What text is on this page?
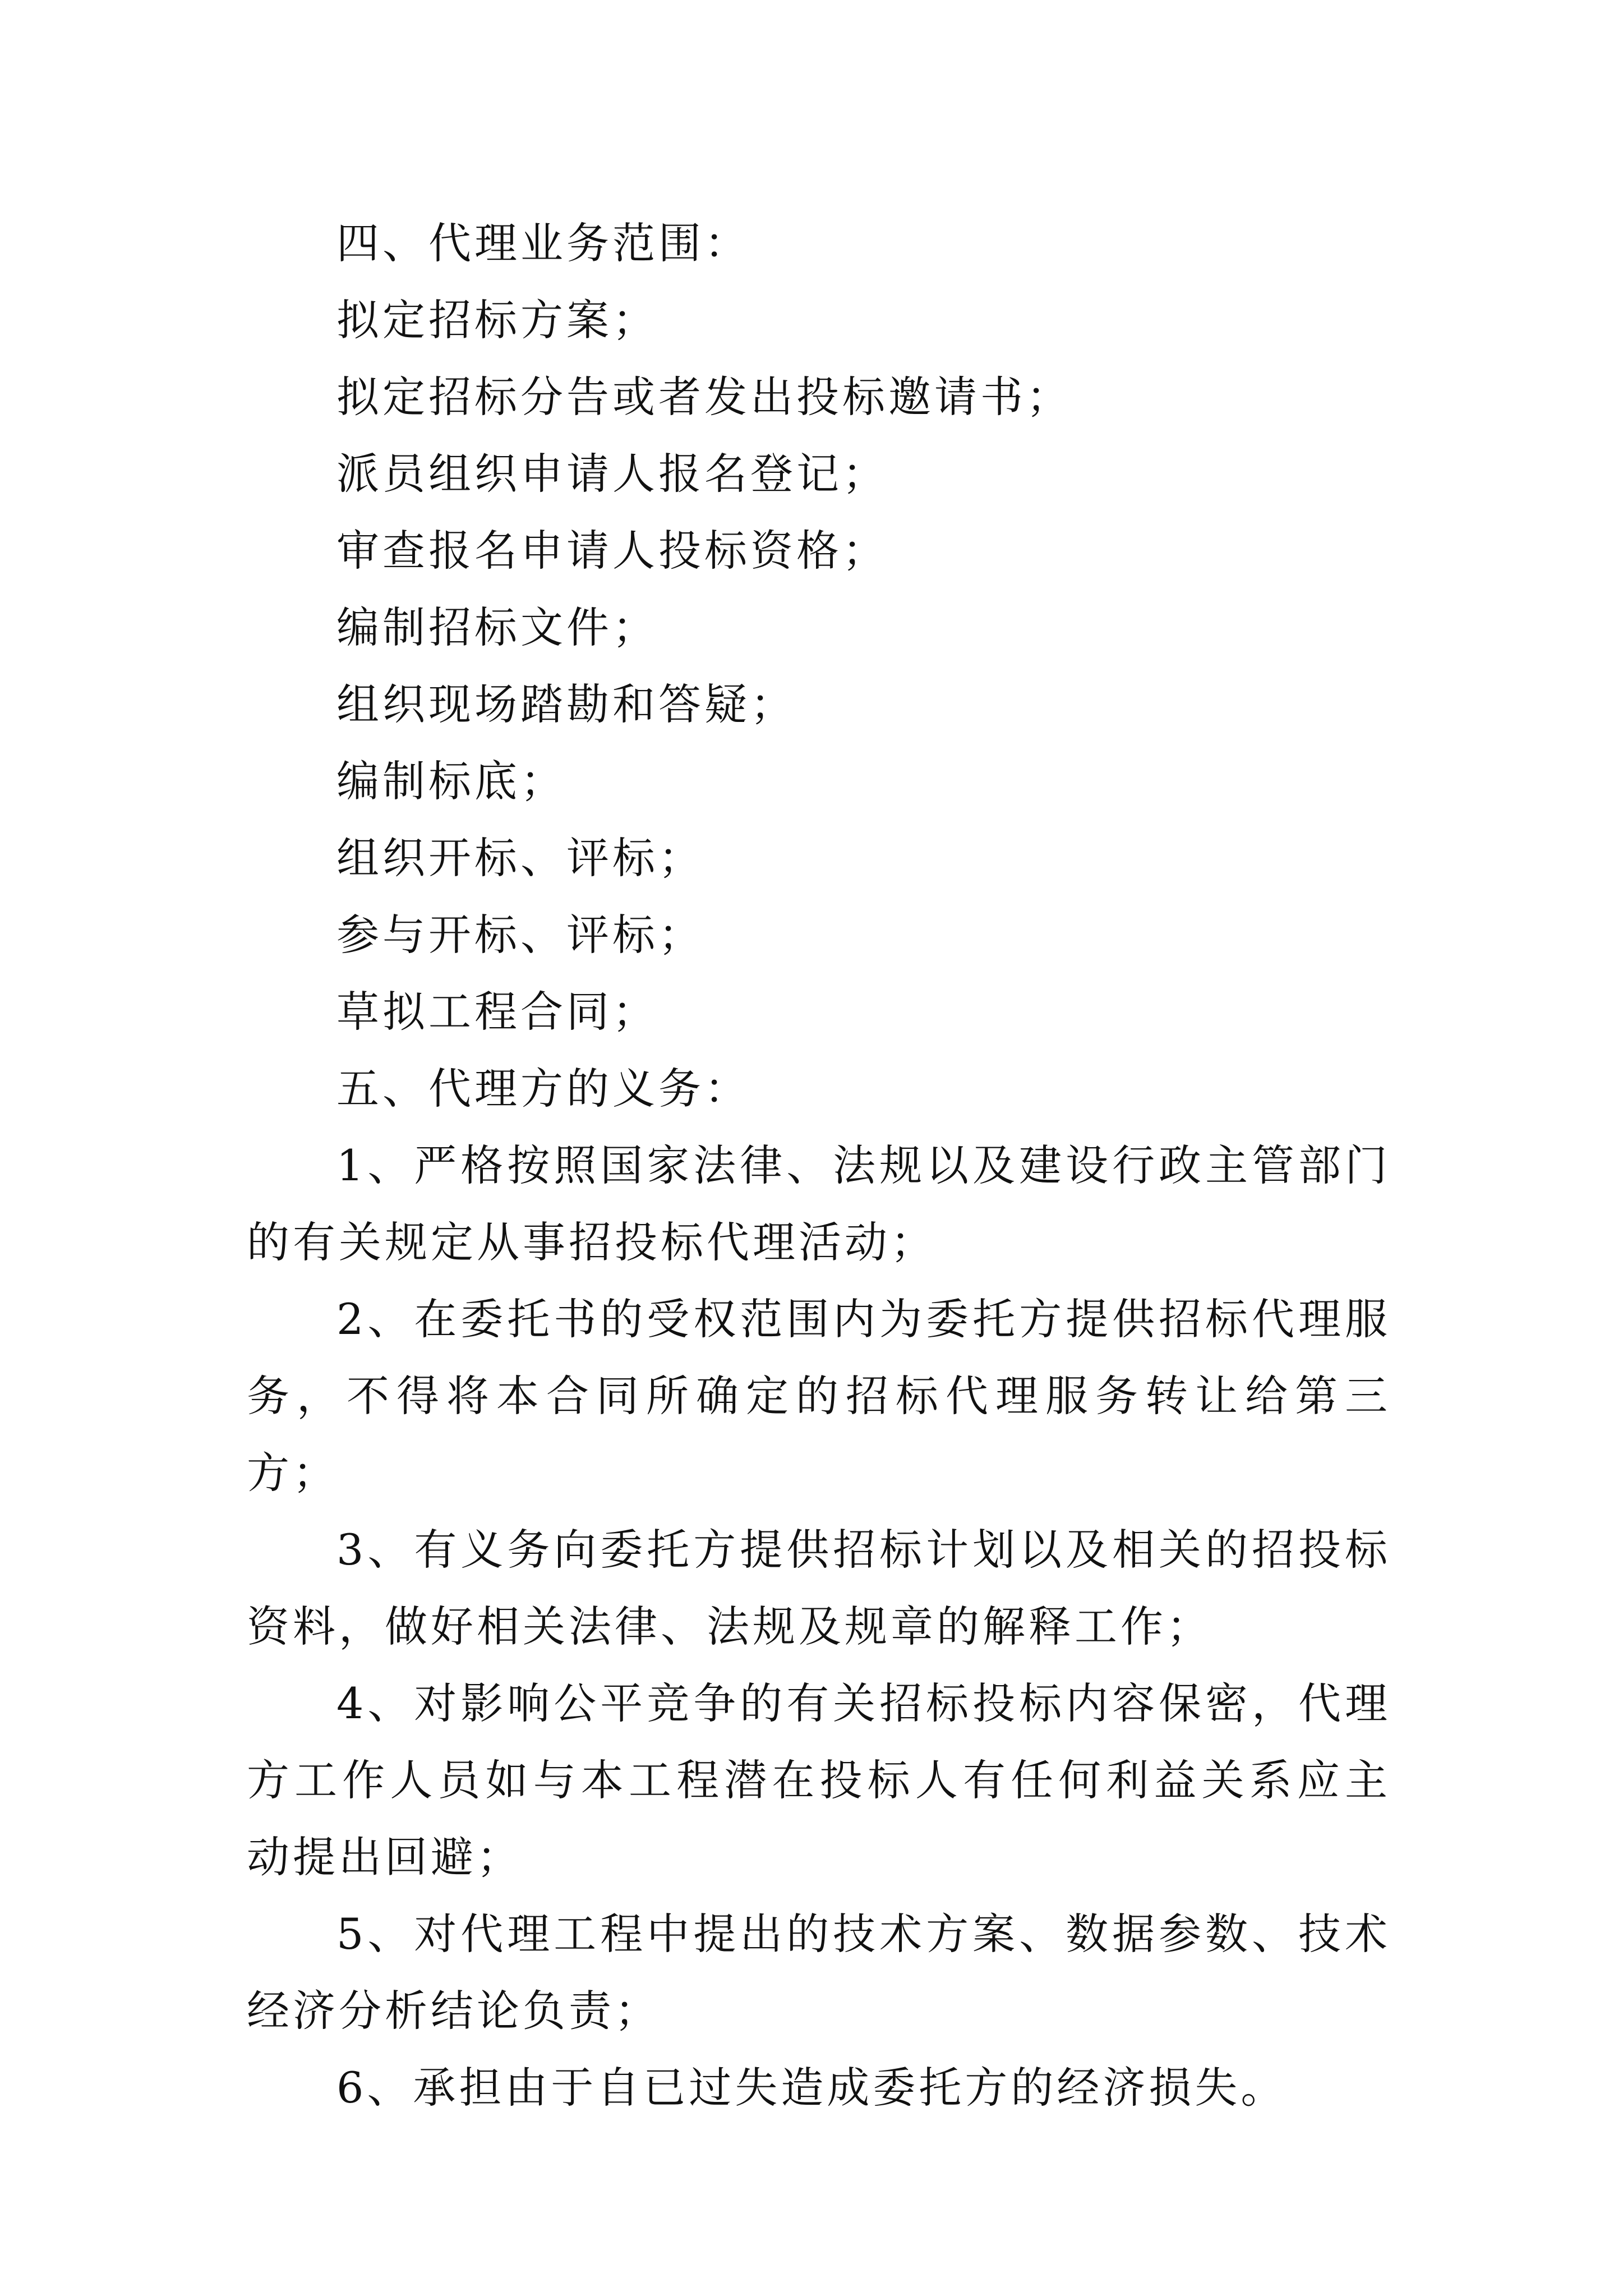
四、代理业务范围：

拟定招标方案；

拟定招标分告或者发出投标邀请书；

派员组织申请人报名登记；

审查报名申请人投标资格；

编制招标文件；

组织现场踏勘和答疑；

编制标底；

组织开标、评标；

参与开标、评标；

草拟工程合同；

五、代理方的义务：

1、严格按照国家法律、法规以及建设行政主管部门的有关规定从事招投标代理活动；

2、在委托书的受权范围内为委托方提供招标代理服务，不得将本合同所确定的招标代理服务转让给第三方；

3、有义务向委托方提供招标计划以及相关的招投标资料，做好相关法律、法规及规章的解释工作；

4、对影响公平竞争的有关招标投标内容保密，代理方工作人员如与本工程潜在投标人有任何利益关系应主动提出回避；

5、对代理工程中提出的技术方案、数据参数、技术经济分析结论负责；

6、承担由于自已过失造成委托方的经济损失。
